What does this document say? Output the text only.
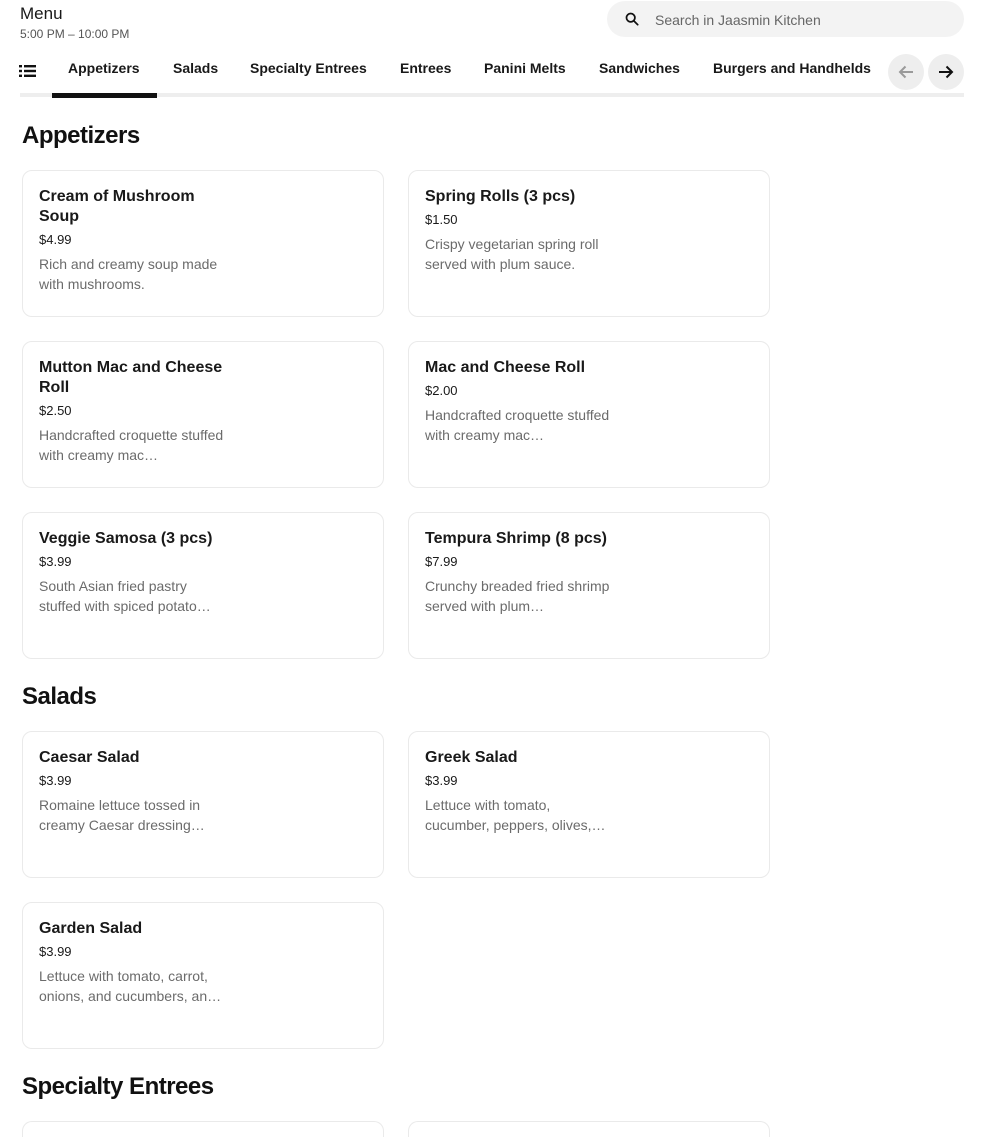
Menu
5:00 PM – 10:00 PM
Search in Jaasmin Kitchen
Appetizers Salads Specialty Entrees Entrees Panini Melts Sandwiches Burgers and Handhelds
Appetizers
Cream of Mushroom Soup
$4.99
Rich and creamy soup made with mushrooms.
Spring Rolls (3 pcs)
$1.50
Crispy vegetarian spring roll served with plum sauce.
Mutton Mac and Cheese Roll
$2.50
Handcrafted croquette stuffed with creamy mac…
Mac and Cheese Roll
$2.00
Handcrafted croquette stuffed with creamy mac…
Veggie Samosa (3 pcs)
$3.99
South Asian fried pastry stuffed with spiced potato…
Tempura Shrimp (8 pcs)
$7.99
Crunchy breaded fried shrimp served with plum…
Salads
Caesar Salad
$3.99
Romaine lettuce tossed in creamy Caesar dressing…
Greek Salad
$3.99
Lettuce with tomato, cucumber, peppers, olives,…
Garden Salad
$3.99
Lettuce with tomato, carrot, onions, and cucumbers, an…
Specialty Entrees
